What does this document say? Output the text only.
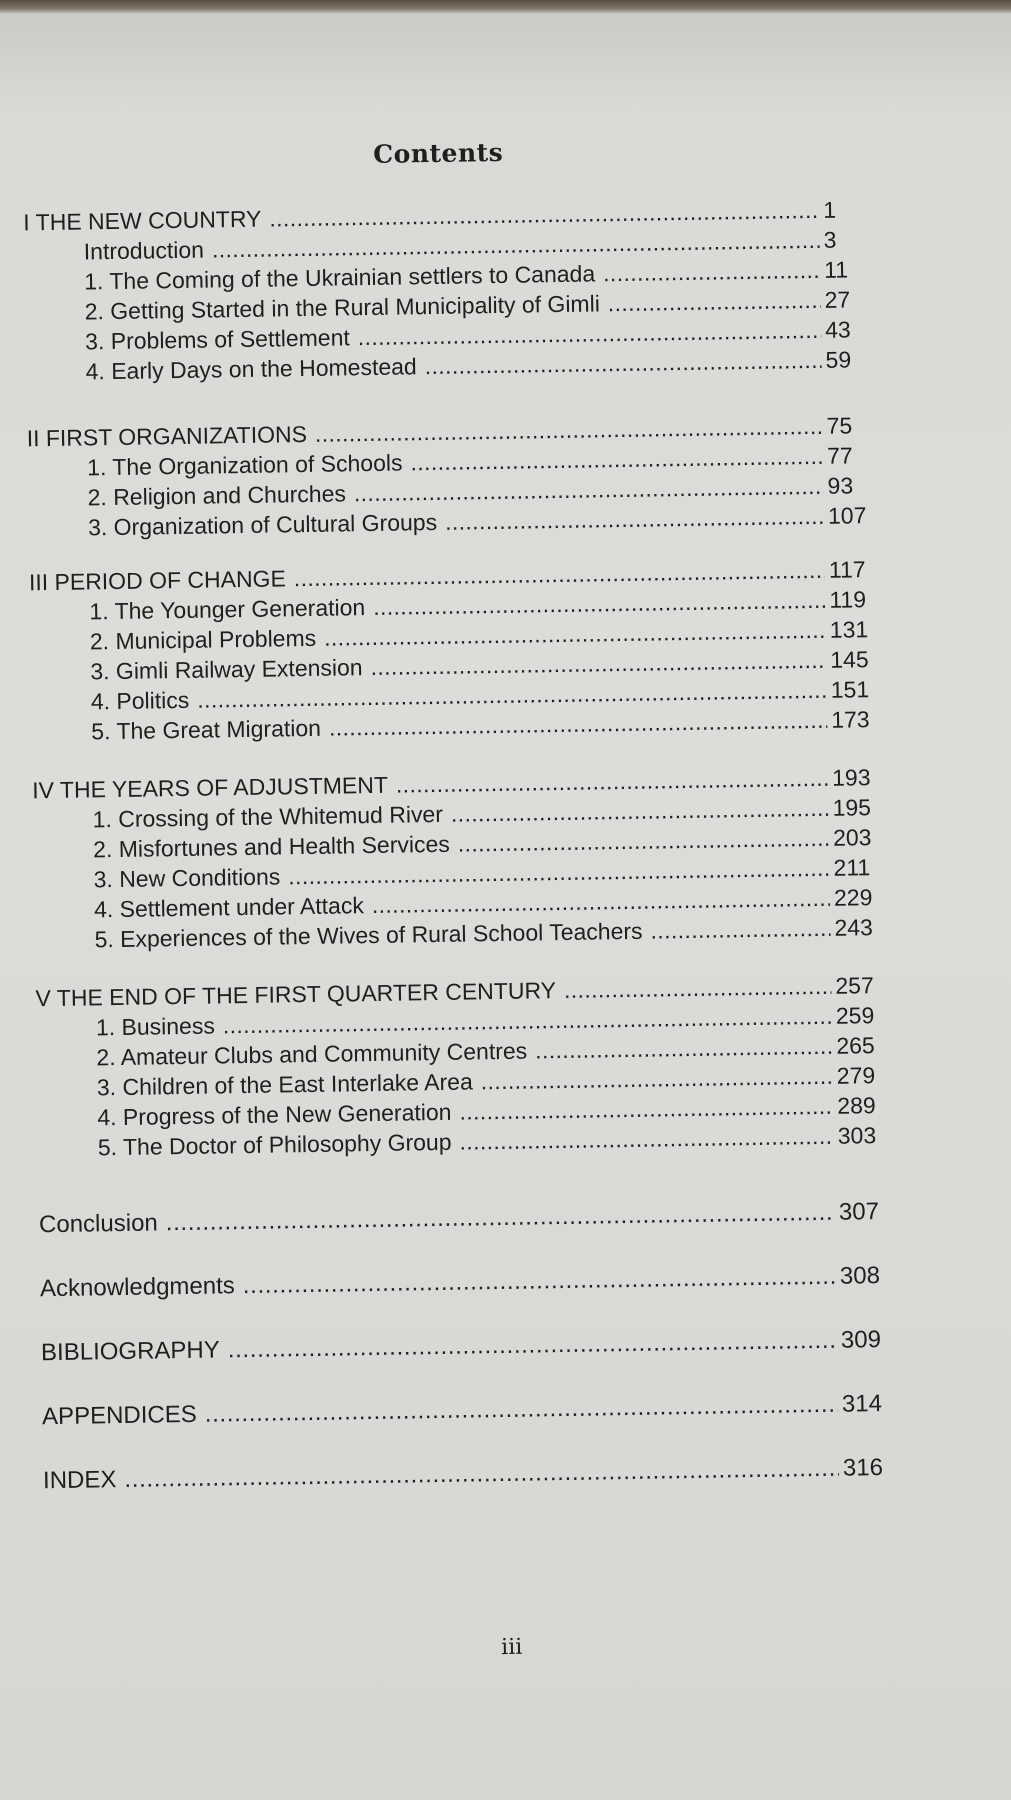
Contents
I THE NEW COUNTRY . . .	1
Introduction . . .	3
1. The Coming of the Ukrainian settlers to Canada . . .	11
2. Getting Started in the Rural Municipality of Gimli . . .	27
3. Problems of Settlement . . .	43
4. Early Days on the Homestead . . .	59
II FIRST ORGANIZATIONS . . .	75
1. The Organization of Schools . . .	77
2. Religion and Churches . . .	93
3. Organization of Cultural Groups . . .	107
III PERIOD OF CHANGE . . .	117
1. The Younger Generation . . .	119
2. Municipal Problems . . .	131
3. Gimli Railway Extension . . .	145
4. Politics . . .	151
5. The Great Migration . . .	173
IV THE YEARS OF ADJUSTMENT . . .	193
1. Crossing of the Whitemud River . . .	195
2. Misfortunes and Health Services . . .	203
3. New Conditions . . .	211
4. Settlement under Attack . . .	229
5. Experiences of the Wives of Rural School Teachers . . .	243
V THE END OF THE FIRST QUARTER CENTURY . . .	257
1. Business . . .	259
2. Amateur Clubs and Community Centres . . .	265
3. Children of the East Interlake Area . . .	279
4. Progress of the New Generation . . .	289
5. The Doctor of Philosophy Group . . .	303
Conclusion . . .	307
Acknowledgments . . .	308
BIBLIOGRAPHY . . .	309
APPENDICES . . .	314
INDEX . . .	316
iii
